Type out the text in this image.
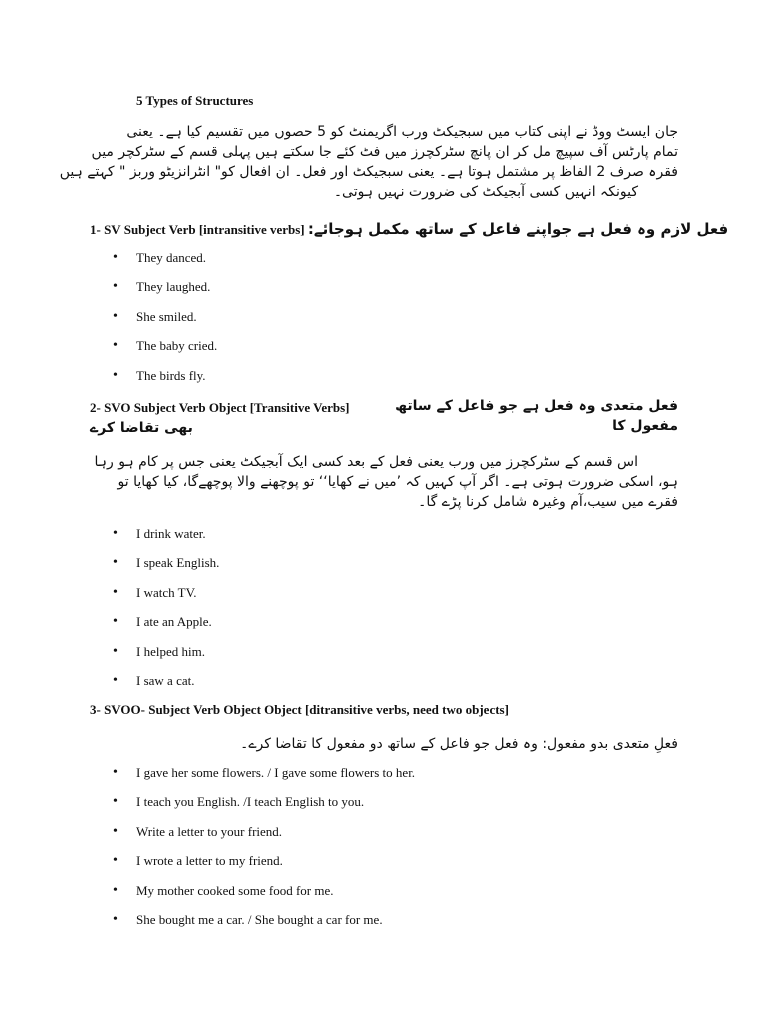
5 Types of Structures
جان ایسٹ ووڈ نے اپنی کتاب میں سبجیکٹ ورب اگریمنٹ کو 5 حصوں میں تقسیم کیا ہے۔ یعنی
تمام پارٹس آف سپیچ مل کر ان پانچ سٹرکچرز میں فٹ کئے جا سکتے ہیں پہلی قسم کے سٹرکچر میں
فقرہ صرف 2 الفاظ پر مشتمل ہوتا ہے۔ یعنی سبجیکٹ اور فعل۔ ان افعال کو" انٹرانزیٹو وربز " کہتے ہیں
کیونکہ انہیں کسی آبجیکٹ کی ضرورت نہیں ہوتی۔
1- SV Subject Verb [intransitive verbs] فعل لازم وہ فعل ہے جواپنے فاعل کے ساتھ مکمل ہوجائے:
• They danced.
• They laughed.
• She smiled.
• The baby cried.
• The birds fly.
2- SVO Subject Verb Object [Transitive Verbs]	فعل متعدی وہ فعل ہے جو فاعل کے ساتھ مفعول کا
بھی تقاضا کرے
اس قسم کے سٹرکچرز میں ورب یعنی فعل کے بعد کسی ایک آبجیکٹ یعنی جس پر کام ہو رہا
ہو، اسکی ضرورت ہوتی ہے۔ اگر آپ کہیں کہ ’میں نے کھایا‘‘ تو پوچھنے والا پوچھےگا، کیا کھایا تو
فقرے میں سیب،آم وغیرہ شامل کرنا پڑے گا۔
• I drink water.
• I speak English.
• I watch TV.
• I ate an Apple.
• I helped him.
• I saw a cat.
3- SVOO- Subject Verb Object Object [ditransitive verbs, need two objects]
فعلِ متعدی بدو مفعول: وہ فعل جو فاعل کے ساتھ دو مفعول کا تقاضا کرے۔
• I gave her some flowers. / I gave some flowers to her.
• I teach you English. /I teach English to you.
• Write a letter to your friend.
• I wrote a letter to my friend.
• My mother cooked some food for me.
• She bought me a car. / She bought a car for me.
